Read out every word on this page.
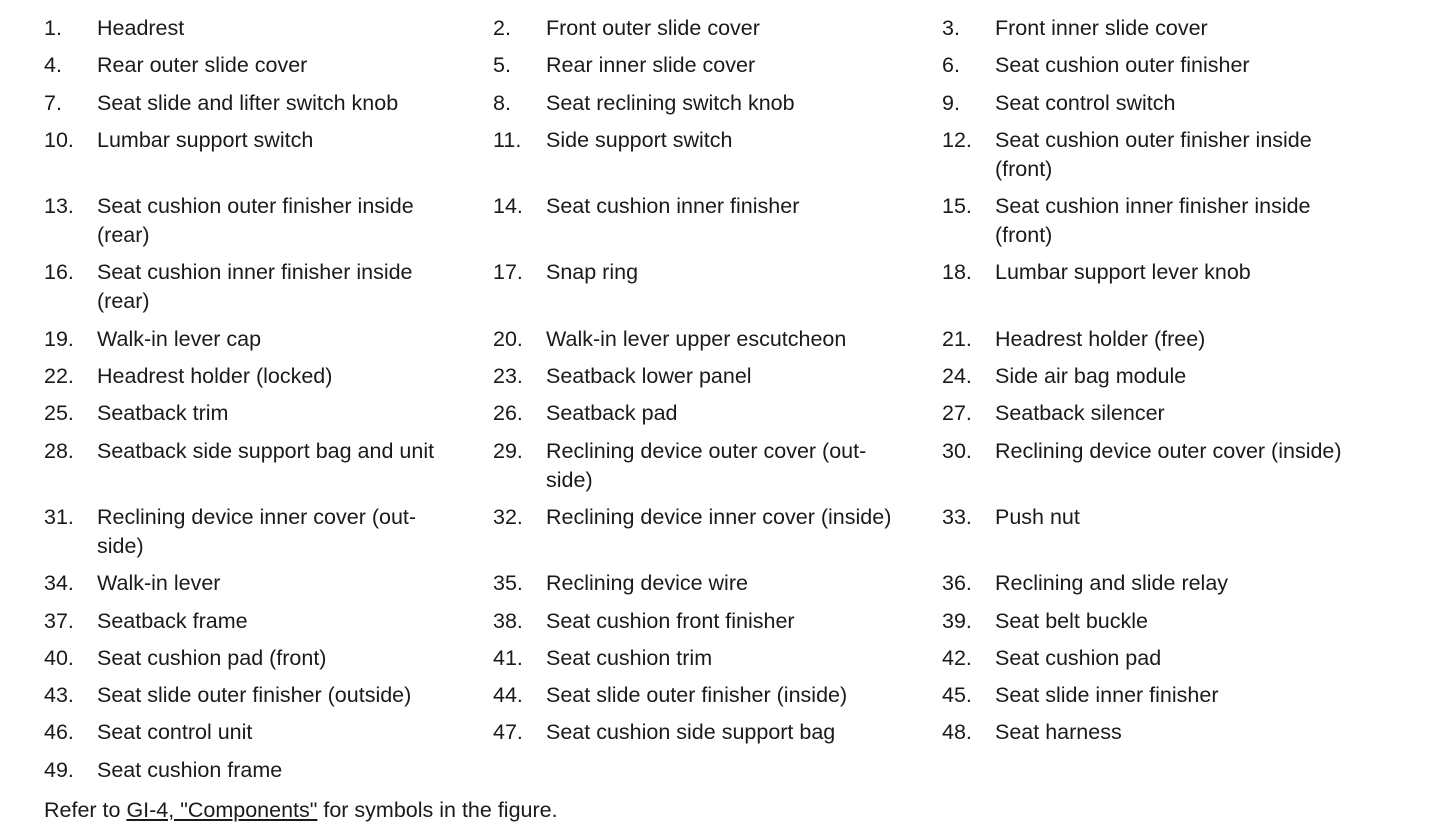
1.	Headrest	2.	Front outer slide cover	3.	Front inner slide cover
4.	Rear outer slide cover	5.	Rear inner slide cover	6.	Seat cushion outer finisher
7.	Seat slide and lifter switch knob	8.	Seat reclining switch knob	9.	Seat control switch
10.	Lumbar support switch	11.	Side support switch	12.	Seat cushion outer finisher inside
(front)
13.	Seat cushion outer finisher inside
(rear)
14.	Seat cushion inner finisher	15.	Seat cushion inner finisher inside
(front)
16.	Seat cushion inner finisher inside
(rear)
17.	Snap ring	18.	Lumbar support lever knob
19.	Walk-in lever cap	20.	Walk-in lever upper escutcheon	21.	Headrest holder (free)
22.	Headrest holder (locked)	23.	Seatback lower panel	24.	Side air bag module
25.	Seatback trim	26.	Seatback pad	27.	Seatback silencer
28.	Seatback side support bag and unit	29.	Reclining device outer cover (out-
side)
30.	Reclining device outer cover (inside)
31.	Reclining device inner cover (out-
side)
32.	Reclining device inner cover (inside)	33.	Push nut
34.	Walk-in lever	35.	Reclining device wire	36.	Reclining and slide relay
37.	Seatback frame	38.	Seat cushion front finisher	39.	Seat belt buckle
40.	Seat cushion pad (front)	41.	Seat cushion trim	42.	Seat cushion pad
43.	Seat slide outer finisher (outside)	44.	Seat slide outer finisher (inside)	45.	Seat slide inner finisher
46.	Seat control unit	47.	Seat cushion side support bag	48.	Seat harness
49.	Seat cushion frame
Refer to GI-4, "Components" for symbols in the figure.
